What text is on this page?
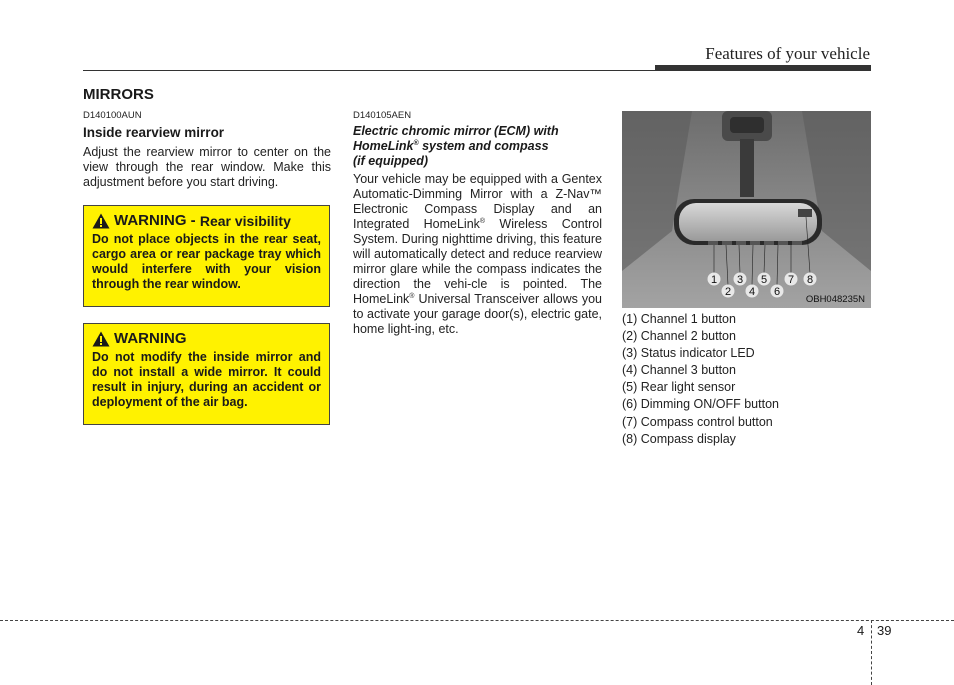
Features of your vehicle
MIRRORS
D140100AUN
Inside rearview mirror
Adjust the rearview mirror to center on the view through the rear window. Make this adjustment before you start driving.
WARNING -
Rear visibility
Do not place objects in the rear seat, cargo area or rear package tray which would interfere with your vision through the rear window.
WARNING
Do not modify the inside mirror and do not install a wide mirror. It could result in injury, during an accident or deployment of the air bag.
D140105AEN
Electric chromic mirror (ECM) with HomeLink® system and compass
(if equipped)
Your vehicle may be equipped with a Gentex Automatic-Dimming Mirror with a Z-Nav™ Electronic Compass Display and an Integrated HomeLink® Wireless Control System. During nighttime driving, this feature will automatically detect and reduce rearview mirror glare while the compass indicates the direction the vehi-cle is pointed. The HomeLink® Universal Transceiver allows you to activate your garage door(s), electric gate, home light-ing, etc.
1
2
3
4
5
6
7 8
OBH048235N
(1) Channel 1 button
(2) Channel 2 button
(3) Status indicator LED
(4) Channel 3 button
(5) Rear light sensor
(6) Dimming ON/OFF button
(7) Compass control button
(8) Compass display
4 39
